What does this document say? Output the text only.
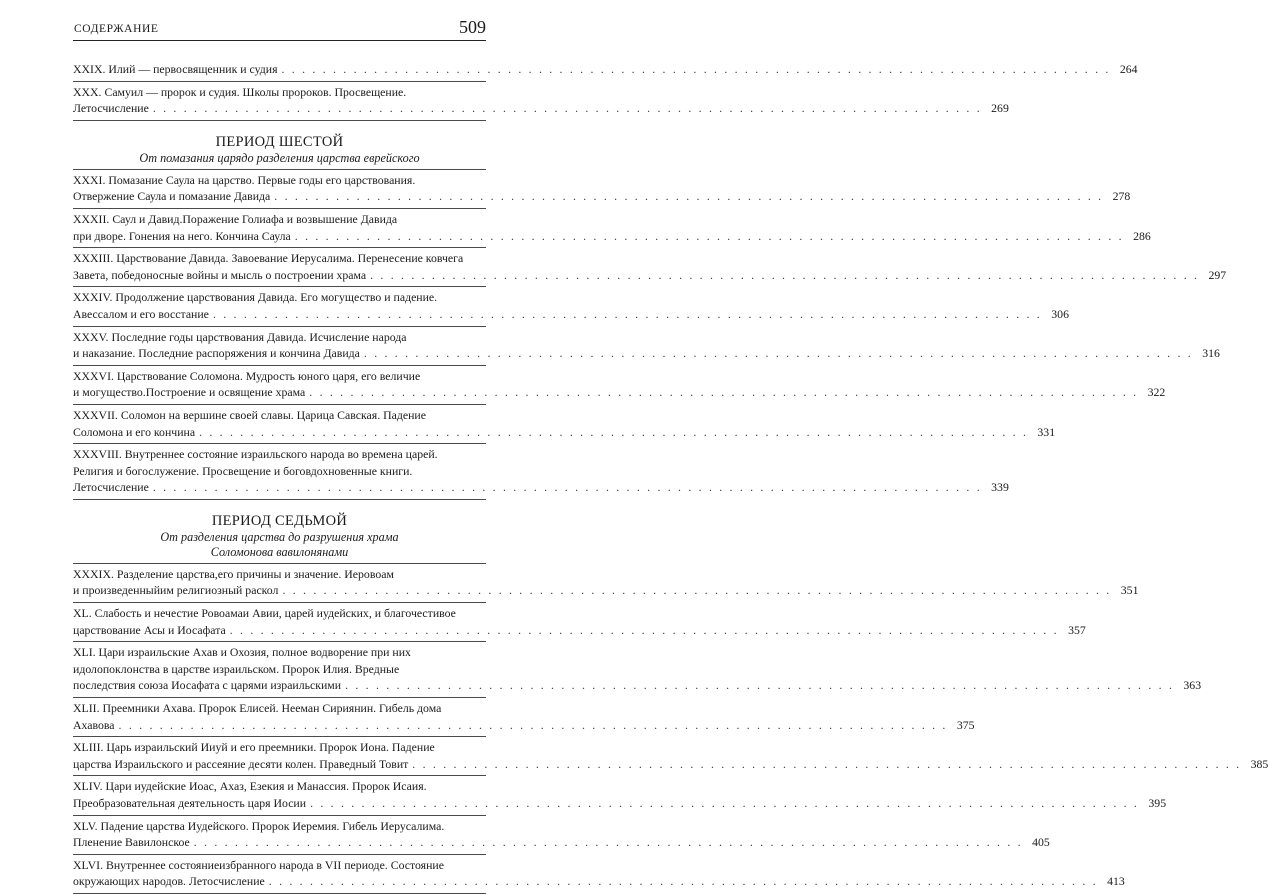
СОДЕРЖАНИЕ	509
XXIX. Илий — первосвященник и судия . . .	264
XXX. Самуил — пророк и судия. Школы пророков. Просвещение.
Летосчисление . . .	269
ПЕРИОД ШЕСТОЙ
От помазания царядо разделения царства еврейского
XXXI. Помазание Саула на царство. Первые годы его царствования.
Отвержение Саула и помазание Давида . . .	278
XXXII. Саул и Давид.Поражение Голиафа и возвышение Давида
при дворе. Гонения на него. Кончина Саула . . .	286
XXXIII. Царствование Давида. Завоевание Иерусалима. Перенесение ковчега
Завета, победоносные войны и мысль о построении храма . . .	297
XXXIV. Продолжение царствования Давида. Его могущество и падение.
Авессалом и его восстание . . .	306
XXXV. Последние годы царствования Давида. Исчисление народа
и наказание. Последние распоряжения и кончина Давида . . .	316
XXXVI. Царствование Соломона. Мудрость юного царя, его величие
и могущество.Построение и освящение храма . . .	322
XXXVII. Соломон на вершине своей славы. Царица Савская. Падение
Соломона и его кончина . . .	331
XXXVIII. Внутреннее состояние израильского народа во времена царей.
Религия и богослужение. Просвещение и боговдохновенные книги.
Летосчисление . . .	339
ПЕРИОД СЕДЬМОЙ
От разделения царства до разрушения храма
Соломонова вавилонянами
XXXIX. Разделение царства,его причины и значение. Иеровоам
и произведенныйим религиозный раскол . . .	351
XL. Слабость и нечестие Ровоамаи Авии, царей иудейских, и благочестивое
царствование Асы и Иосафата . . .	357
XLI. Цари израильские Ахав и Охозия, полное водворение при них
идолопоклонства в царстве израильском. Пророк Илия. Вредные
последствия союза Иосафата с царями израильскими . . .	363
XLII. Преемники Ахава. Пророк Елисей. Нееман Сириянин. Гибель дома
Ахавова . . .	375
XLIII. Царь израильский Ииуй и его преемники. Пророк Иона. Падение
царства Израильского и рассеяние десяти колен. Праведный Товит . . .	385
XLIV. Цари иудейские Иоас, Ахаз, Езекия и Манассия. Пророк Исаия.
Преобразовательная деятельность царя Иосии . . .	395
XLV. Падение царства Иудейского. Пророк Иеремия. Гибель Иерусалима.
Пленение Вавилонское . . .	405
XLVI. Внутреннее состояниеизбранного народа в VII периоде. Состояние
окружающих народов. Летосчисление . . .	413
